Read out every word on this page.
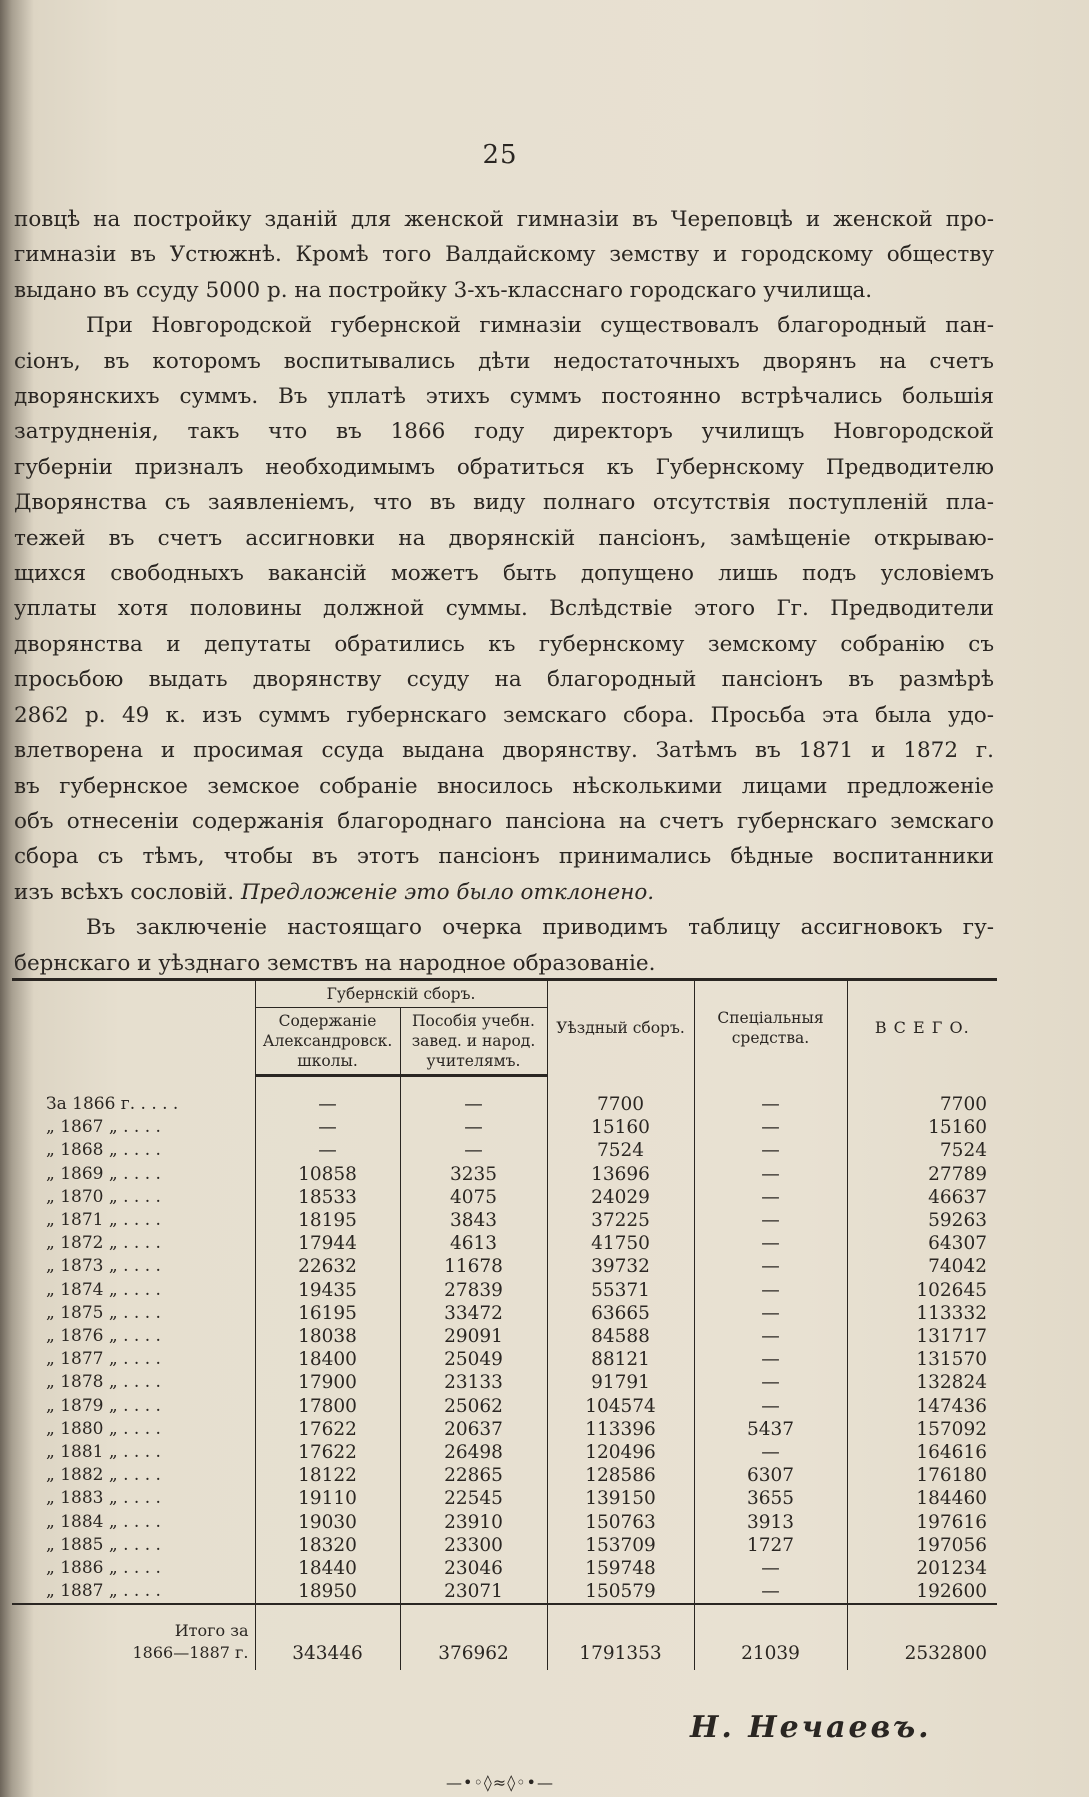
25

повцѣ на постройку зданій для женской гимназіи въ Череповцѣ и женской про-

гимназіи въ Устюжнѣ. Кромѣ того Валдайскому земству и городскому обществу

выдано въ ссуду 5000 р. на постройку 3-хъ-класснаго городскаго училища.

При Новгородской губернской гимназіи существовалъ благородный пан-

сіонъ, въ которомъ воспитывались дѣти недостаточныхъ дворянъ на счетъ

дворянскихъ суммъ. Въ уплатѣ этихъ суммъ постоянно встрѣчались большія

затрудненія, такъ что въ 1866 году директоръ училищъ Новгородской

губерніи призналъ необходимымъ обратиться къ Губернскому Предводителю

Дворянства съ заявленіемъ, что въ виду полнаго отсутствія поступленій пла-

тежей въ счетъ ассигновки на дворянскій пансіонъ, замѣщеніе открываю-

щихся свободныхъ вакансій можетъ быть допущено лишь подъ условіемъ

уплаты хотя половины должной суммы. Вслѣдствіе этого Гг. Предводители

дворянства и депутаты обратились къ губернскому земскому собранію съ

просьбою выдать дворянству ссуду на благородный пансіонъ въ размѣрѣ

2862 р. 49 к. изъ суммъ губернскаго земскаго сбора. Просьба эта была удо-

влетворена и просимая ссуда выдана дворянству. Затѣмъ въ 1871 и 1872 г.

въ губернское земское собраніе вносилось нѣсколькими лицами предложеніе

объ отнесеніи содержанія благороднаго пансіона на счетъ губернскаго земскаго

сбора съ тѣмъ, чтобы въ этотъ пансіонъ принимались бѣдные воспитанники

изъ всѣхъ сословій. Предложеніе это было отклонено.

Въ заключеніе настоящаго очерка приводимъ таблицу ассигновокъ гу-

бернскаго и уѣзднаго земствъ на народное образованіе.

	Губернскій сборъ.		Уѣздный сборъ.	Спеціальныя средства.	В С Е Г О.
	Содержаніе Александровск. школы.	Пособія учебн. завед. и народ. учителямъ.			

За 1866 г. . . . .	—	—	7700	—	7700
„ 1867 „ . . . .	—	—	15160	—	15160
„ 1868 „ . . . .	—	—	7524	—	7524
„ 1869 „ . . . .	10858	3235	13696	—	27789
„ 1870 „ . . . .	18533	4075	24029	—	46637
„ 1871 „ . . . .	18195	3843	37225	—	59263
„ 1872 „ . . . .	17944	4613	41750	—	64307
„ 1873 „ . . . .	22632	11678	39732	—	74042
„ 1874 „ . . . .	19435	27839	55371	—	102645
„ 1875 „ . . . .	16195	33472	63665	—	113332
„ 1876 „ . . . .	18038	29091	84588	—	131717
„ 1877 „ . . . .	18400	25049	88121	—	131570
„ 1878 „ . . . .	17900	23133	91791	—	132824
„ 1879 „ . . . .	17800	25062	104574	—	147436
„ 1880 „ . . . .	17622	20637	113396	5437	157092
„ 1881 „ . . . .	17622	26498	120496	—	164616
„ 1882 „ . . . .	18122	22865	128586	6307	176180
„ 1883 „ . . . .	19110	22545	139150	3655	184460
„ 1884 „ . . . .	19030	23910	150763	3913	197616
„ 1885 „ . . . .	18320	23300	153709	1727	197056
„ 1886 „ . . . .	18440	23046	159748	—	201234
„ 1887 „ . . . .	18950	23071	150579	—	192600
Итого за
1866—1887 г.	343446	376962	1791353	21039	2532800
Н. Нечаевъ.
—•◦◊≈◊◦•—
